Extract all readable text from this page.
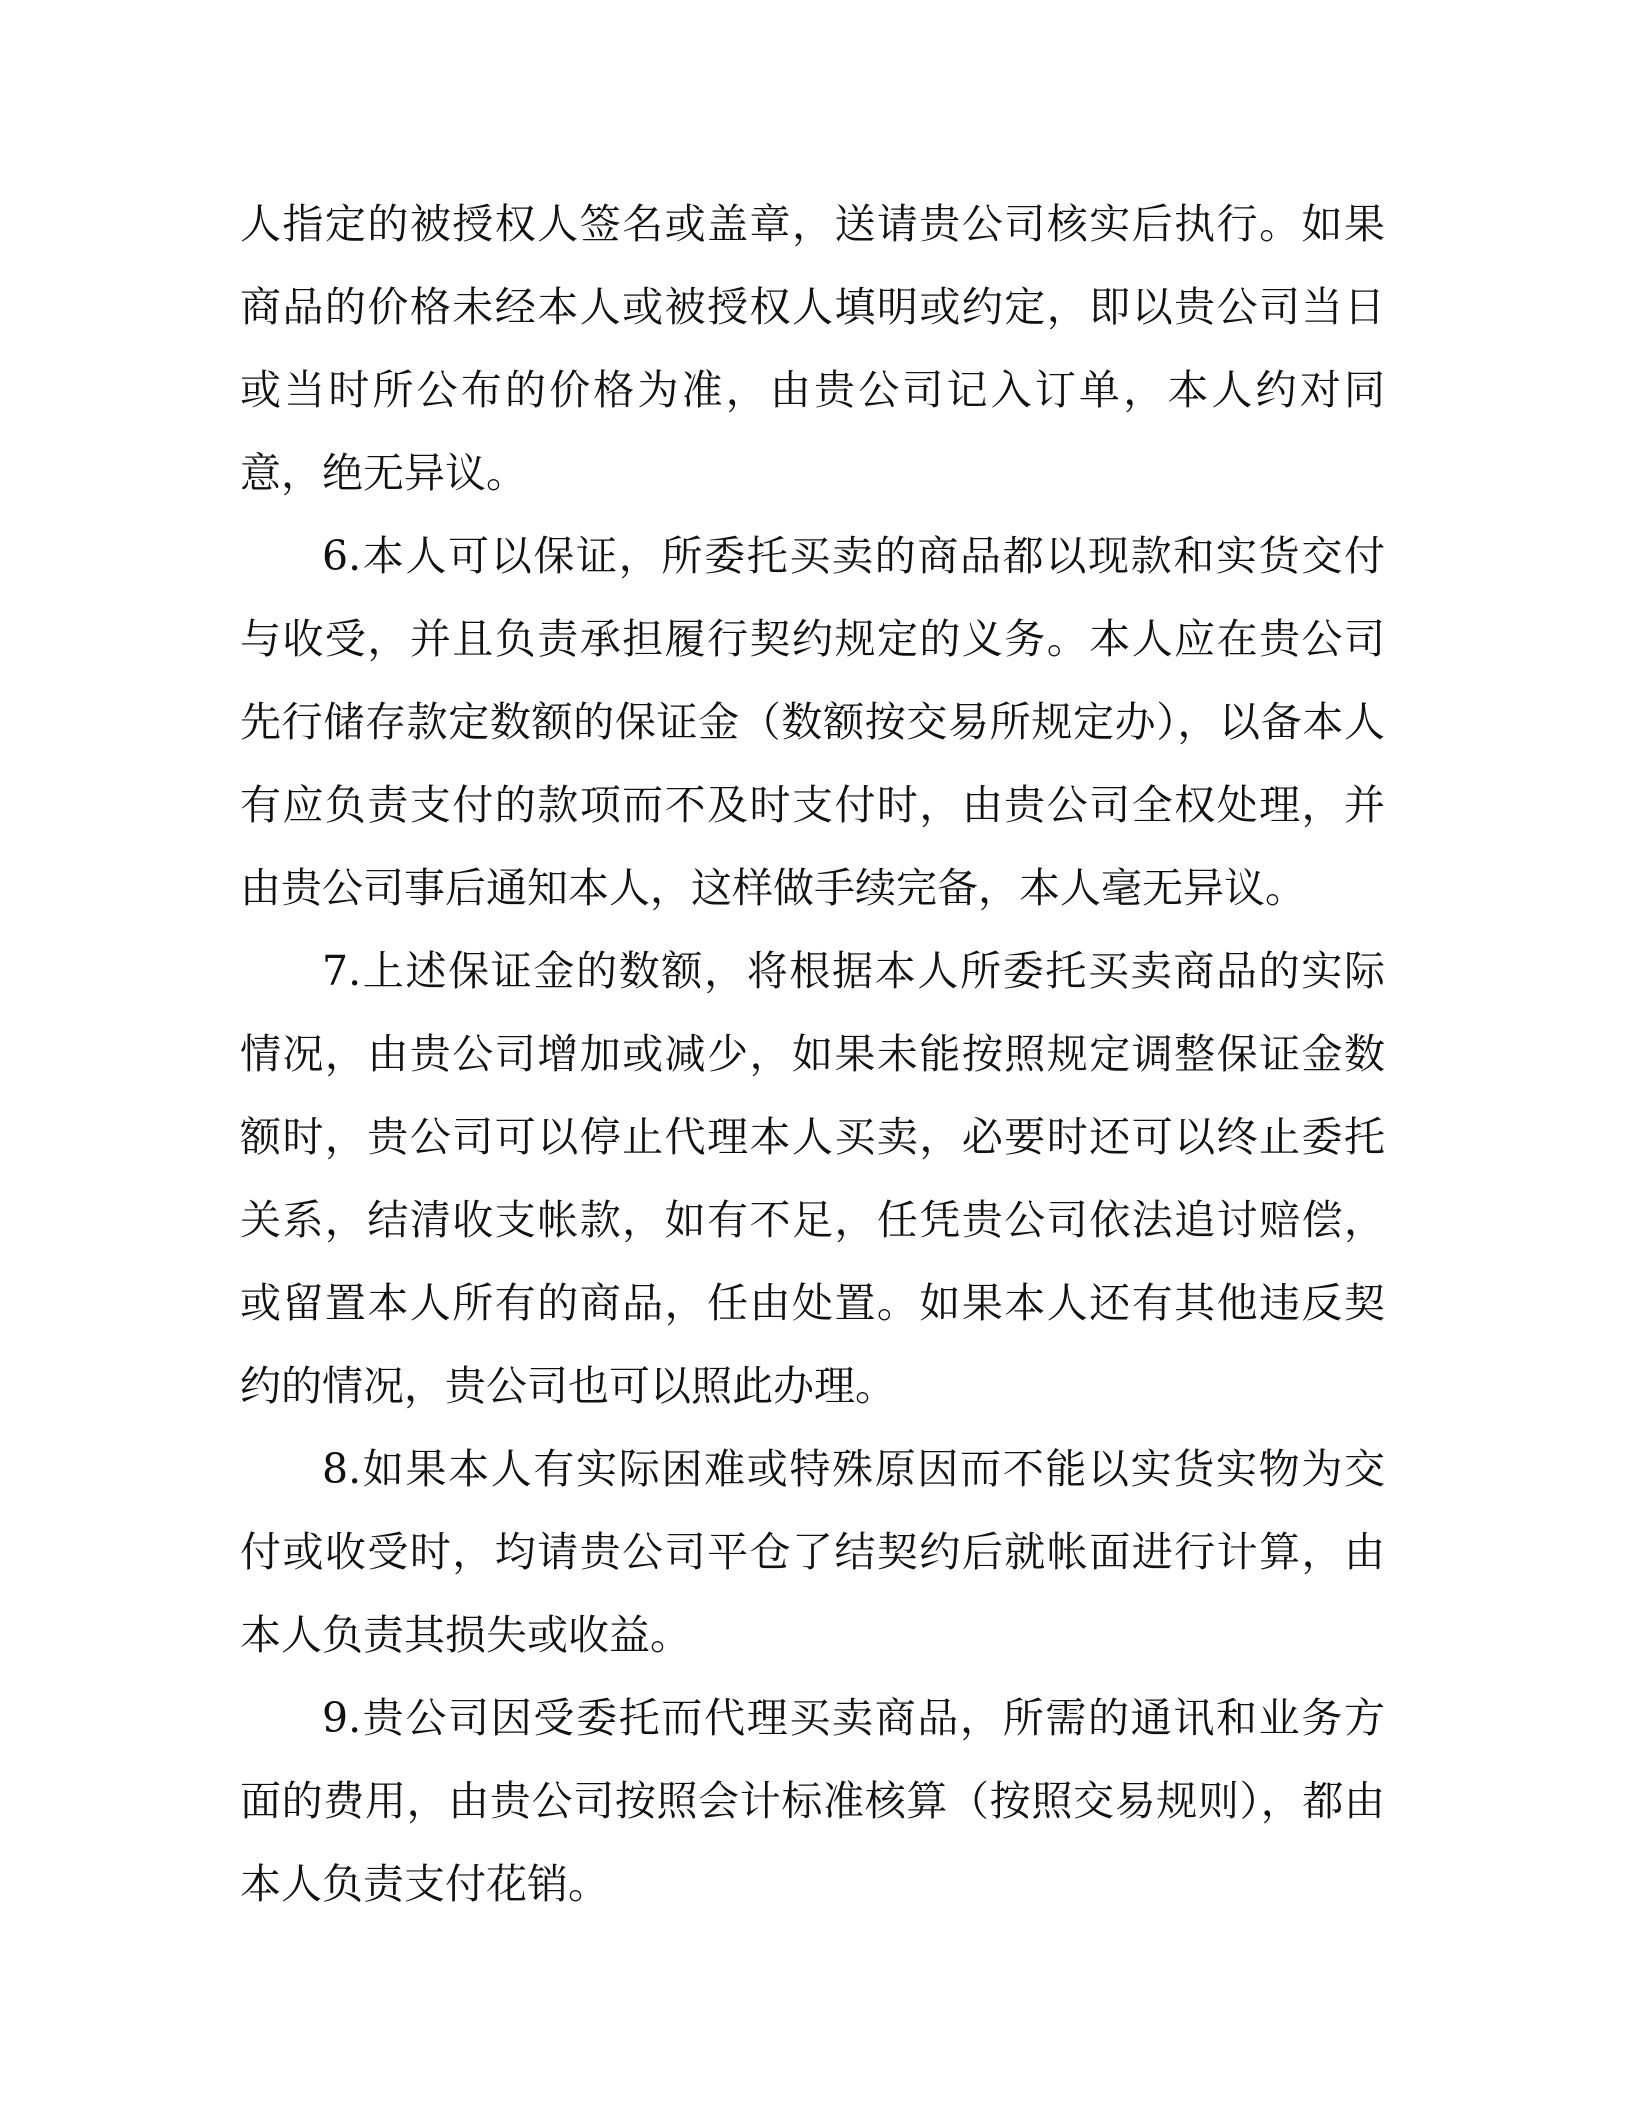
人指定的被授权人签名或盖章，送请贵公司核实后执行。如果商品的价格未经本人或被授权人填明或约定，即以贵公司当日或当时所公布的价格为准，由贵公司记入订单，本人约对同意，绝无异议。

6.本人可以保证，所委托买卖的商品都以现款和实货交付与收受，并且负责承担履行契约规定的义务。本人应在贵公司先行储存款定数额的保证金（数额按交易所规定办），以备本人有应负责支付的款项而不及时支付时，由贵公司全权处理，并由贵公司事后通知本人，这样做手续完备，本人毫无异议。

7.上述保证金的数额，将根据本人所委托买卖商品的实际情况，由贵公司增加或减少，如果未能按照规定调整保证金数额时，贵公司可以停止代理本人买卖，必要时还可以终止委托关系，结清收支帐款，如有不足，任凭贵公司依法追讨赔偿，或留置本人所有的商品，任由处置。如果本人还有其他违反契约的情况，贵公司也可以照此办理。

8.如果本人有实际困难或特殊原因而不能以实货实物为交付或收受时，均请贵公司平仓了结契约后就帐面进行计算，由本人负责其损失或收益。

9.贵公司因受委托而代理买卖商品，所需的通讯和业务方面的费用，由贵公司按照会计标准核算（按照交易规则），都由本人负责支付花销。
